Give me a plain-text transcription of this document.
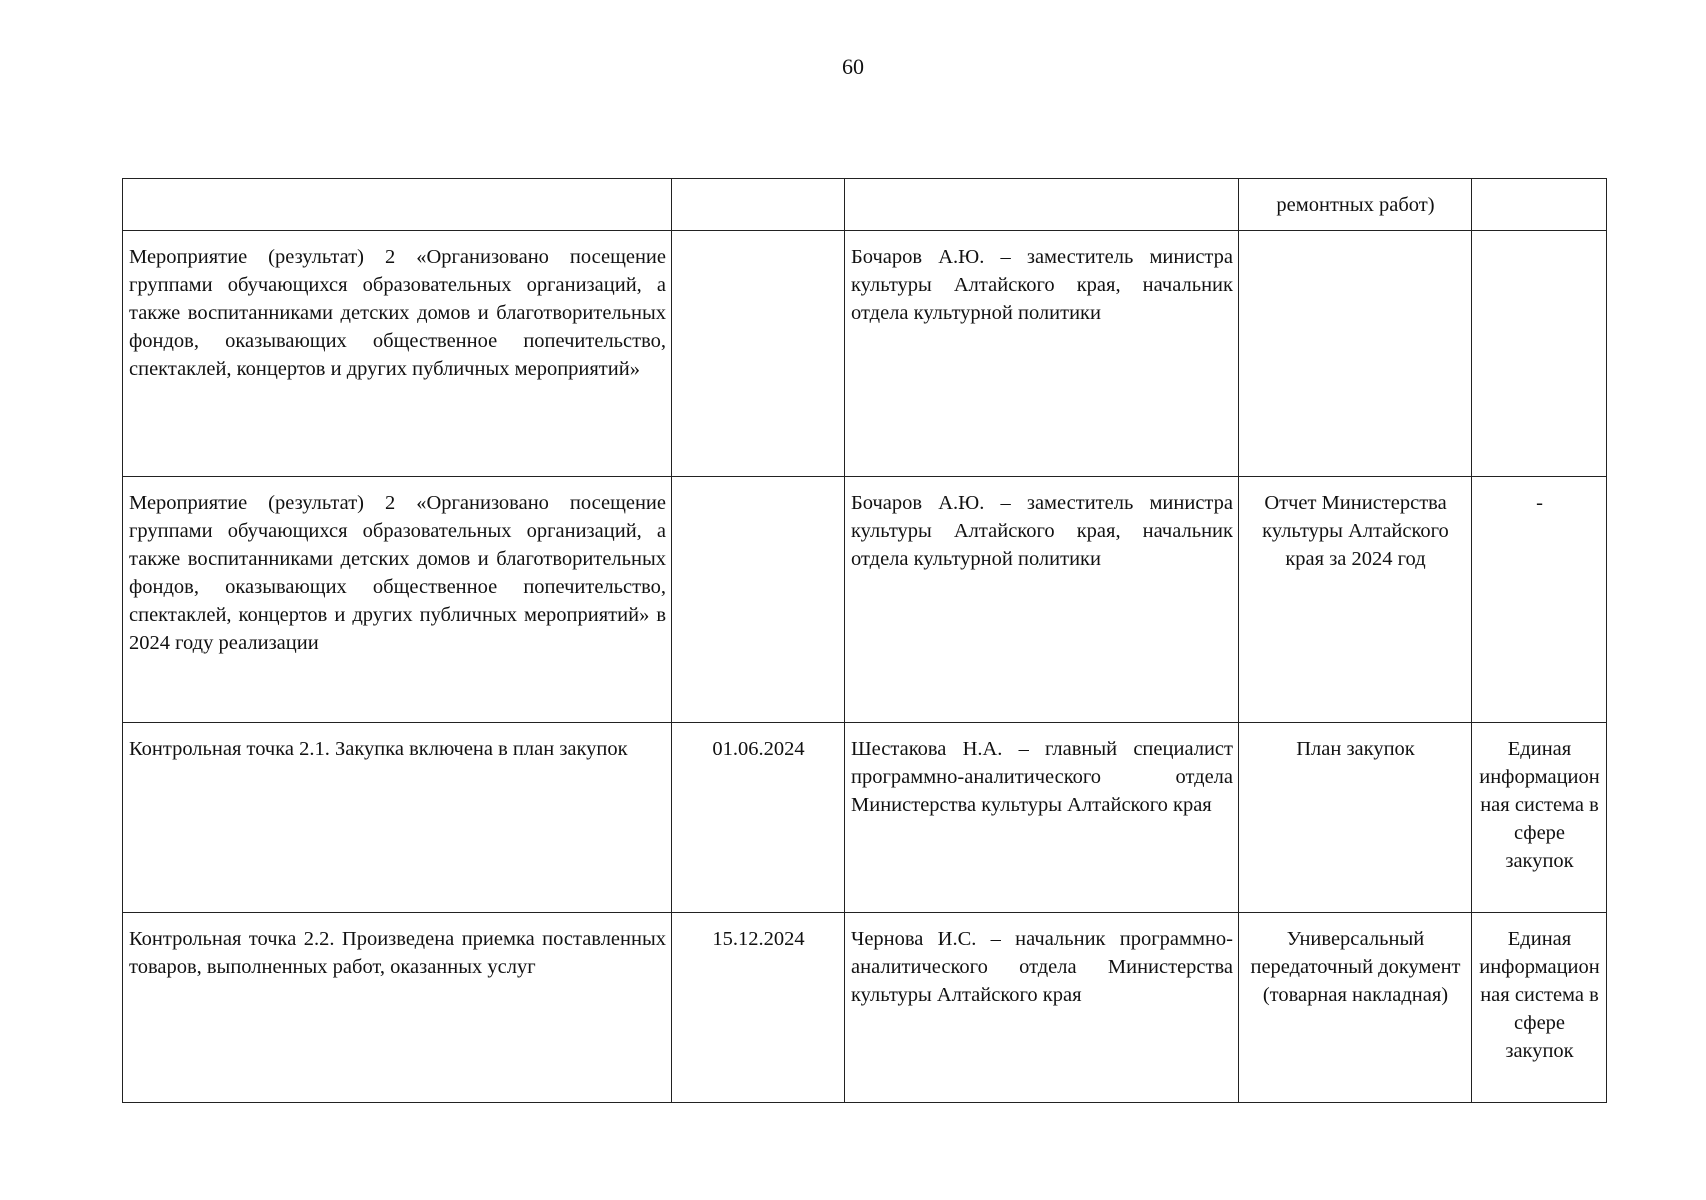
60
			ремонтных работ)	
Мероприятие (результат) 2 «Организовано посещение группами обучающихся образовательных организаций, а также воспитанниками детских домов и благотворительных фондов, оказывающих общественное попечительство, спектаклей, концертов и других публичных мероприятий»		Бочаров А.Ю. – заместитель министра культуры Алтайского края, начальник отдела культурной политики		
Мероприятие (результат) 2 «Организовано посещение группами обучающихся образовательных организаций, а также воспитанниками детских домов и благотворительных фондов, оказывающих общественное попечительство, спектаклей, концертов и других публичных мероприятий» в 2024 году реализации		Бочаров А.Ю. – заместитель министра культуры Алтайского края, начальник отдела культурной политики	Отчет Министерства культуры Алтайского края за 2024 год	-
Контрольная точка 2.1. Закупка включена в план закупок	01.06.2024	Шестакова Н.А. – главный специалист программно-аналитического отдела Министерства культуры Алтайского края	План закупок	Единая информационная система в сфере закупок
Контрольная точка 2.2. Произведена приемка поставленных товаров, выполненных работ, оказанных услуг	15.12.2024	Чернова И.С. – начальник программно-аналитического отдела Министерства культуры Алтайского края	Универсальный передаточный документ (товарная накладная)	Единая информационная система в сфере закупок
